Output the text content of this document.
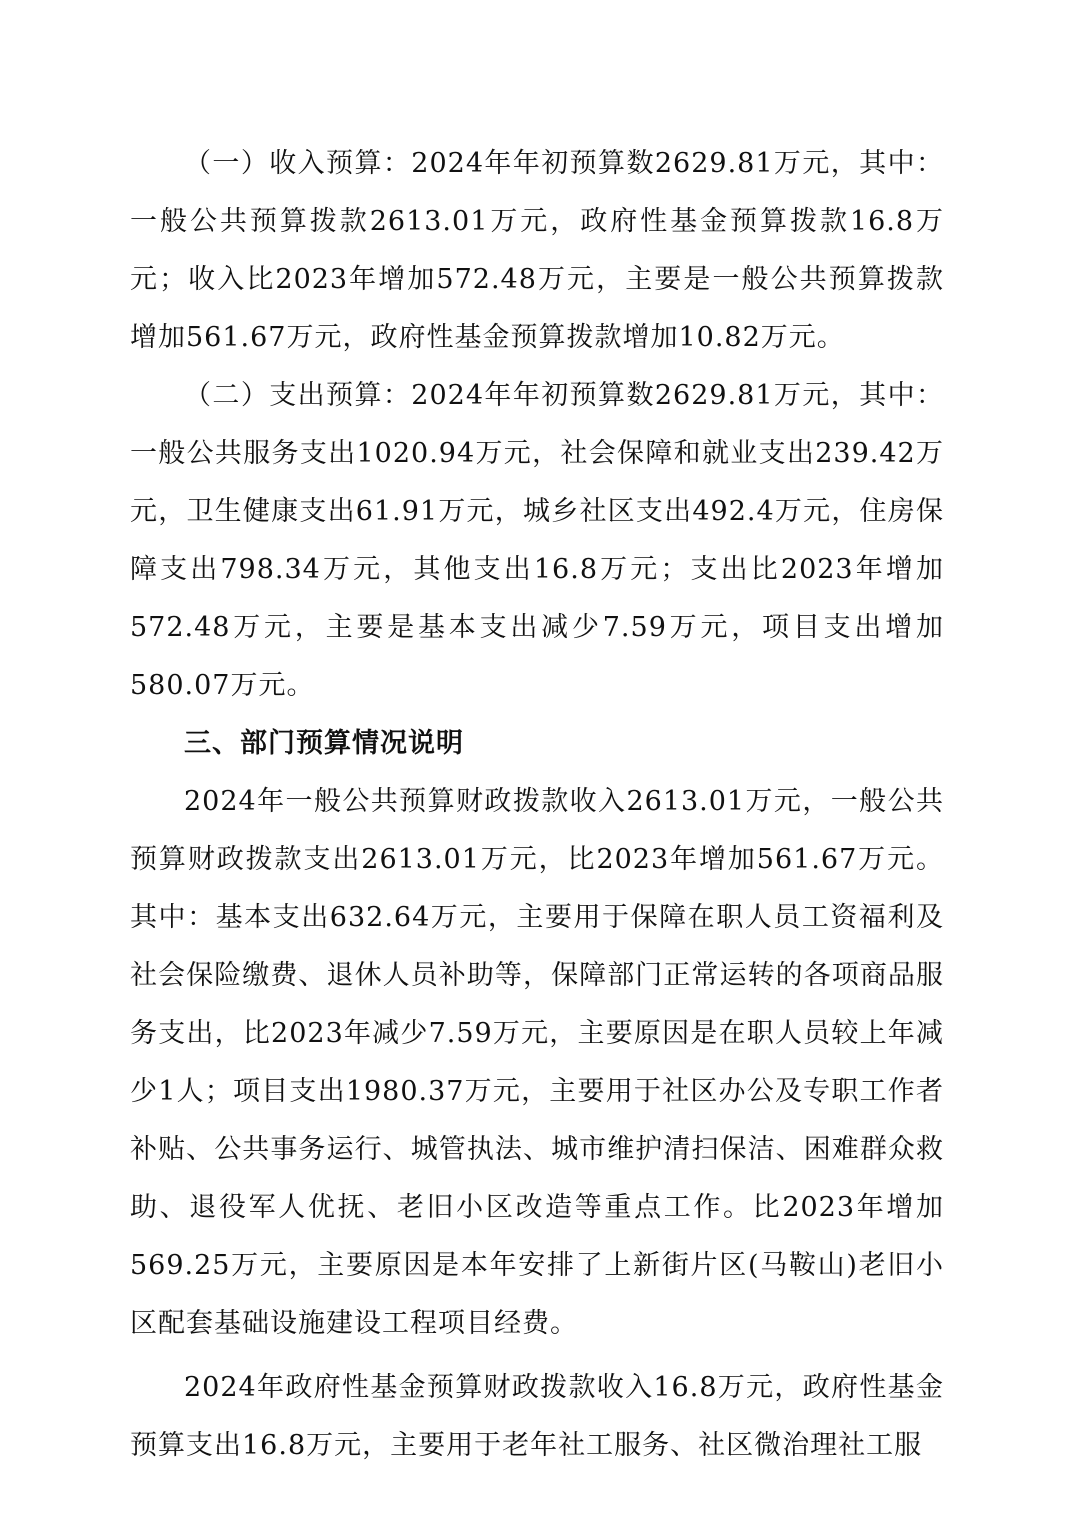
（一）收入预算：2024年年初预算数2629.81万元，其中：一般公共预算拨款2613.01万元，政府性基金预算拨款16.8万元；收入比2023年增加572.48万元，主要是一般公共预算拨款增加561.67万元，政府性基金预算拨款增加10.82万元。

（二）支出预算：2024年年初预算数2629.81万元，其中：一般公共服务支出1020.94万元，社会保障和就业支出239.42万元，卫生健康支出61.91万元，城乡社区支出492.4万元，住房保障支出798.34万元，其他支出16.8万元；支出比2023年增加572.48万元，主要是基本支出减少7.59万元，项目支出增加580.07万元。

三、部门预算情况说明

2024年一般公共预算财政拨款收入2613.01万元，一般公共预算财政拨款支出2613.01万元，比2023年增加561.67万元。其中：基本支出632.64万元，主要用于保障在职人员工资福利及社会保险缴费、退休人员补助等，保障部门正常运转的各项商品服务支出，比2023年减少7.59万元，主要原因是在职人员较上年减少1人；项目支出1980.37万元，主要用于社区办公及专职工作者补贴、公共事务运行、城管执法、城市维护清扫保洁、困难群众救助、退役军人优抚、老旧小区改造等重点工作。比2023年增加569.25万元，主要原因是本年安排了上新街片区(马鞍山)老旧小区配套基础设施建设工程项目经费。

2024年政府性基金预算财政拨款收入16.8万元，政府性基金预算支出16.8万元，主要用于老年社工服务、社区微治理社工服
